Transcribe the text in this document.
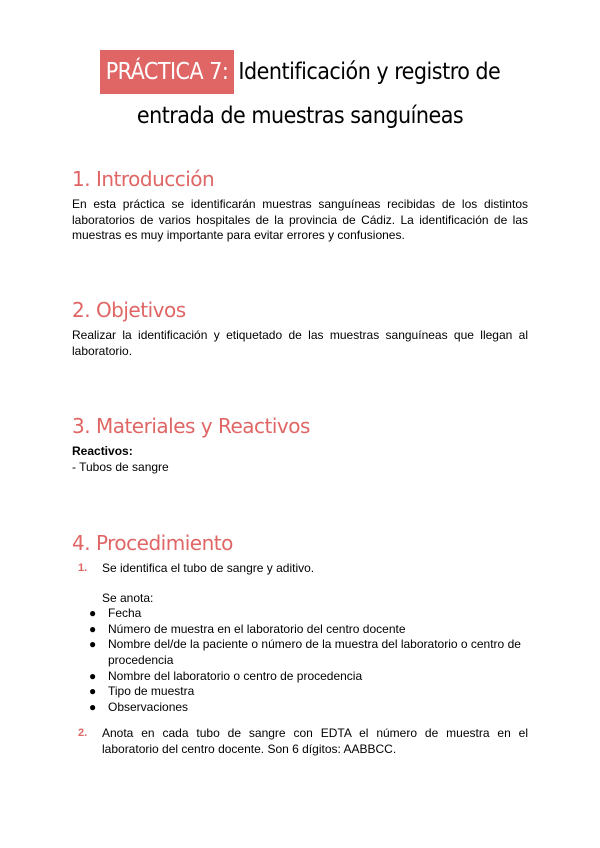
PRÁCTICA 7: Identificación y registro de
entrada de muestras sanguíneas
1. Introducción

En esta práctica se identificarán muestras sanguíneas recibidas de los distintos laboratorios de varios hospitales de la provincia de Cádiz. La identificación de las muestras es muy importante para evitar errores y confusiones.

2. Objetivos

Realizar la identificación y etiquetado de las muestras sanguíneas que llegan al laboratorio.

3. Materiales y Reactivos

Reactivos:

- Tubos de sangre

4. Procedimiento
1. Se identifica el tubo de sangre y aditivo.
Se anota:
● Fecha
● Número de muestra en el laboratorio del centro docente
● Nombre del/de la paciente o número de la muestra del laboratorio o centro de procedencia
● Nombre del laboratorio o centro de procedencia
● Tipo de muestra
● Observaciones
2. Anota en cada tubo de sangre con EDTA el número de muestra en el laboratorio del centro docente. Son 6 dígitos: AABBCC.
